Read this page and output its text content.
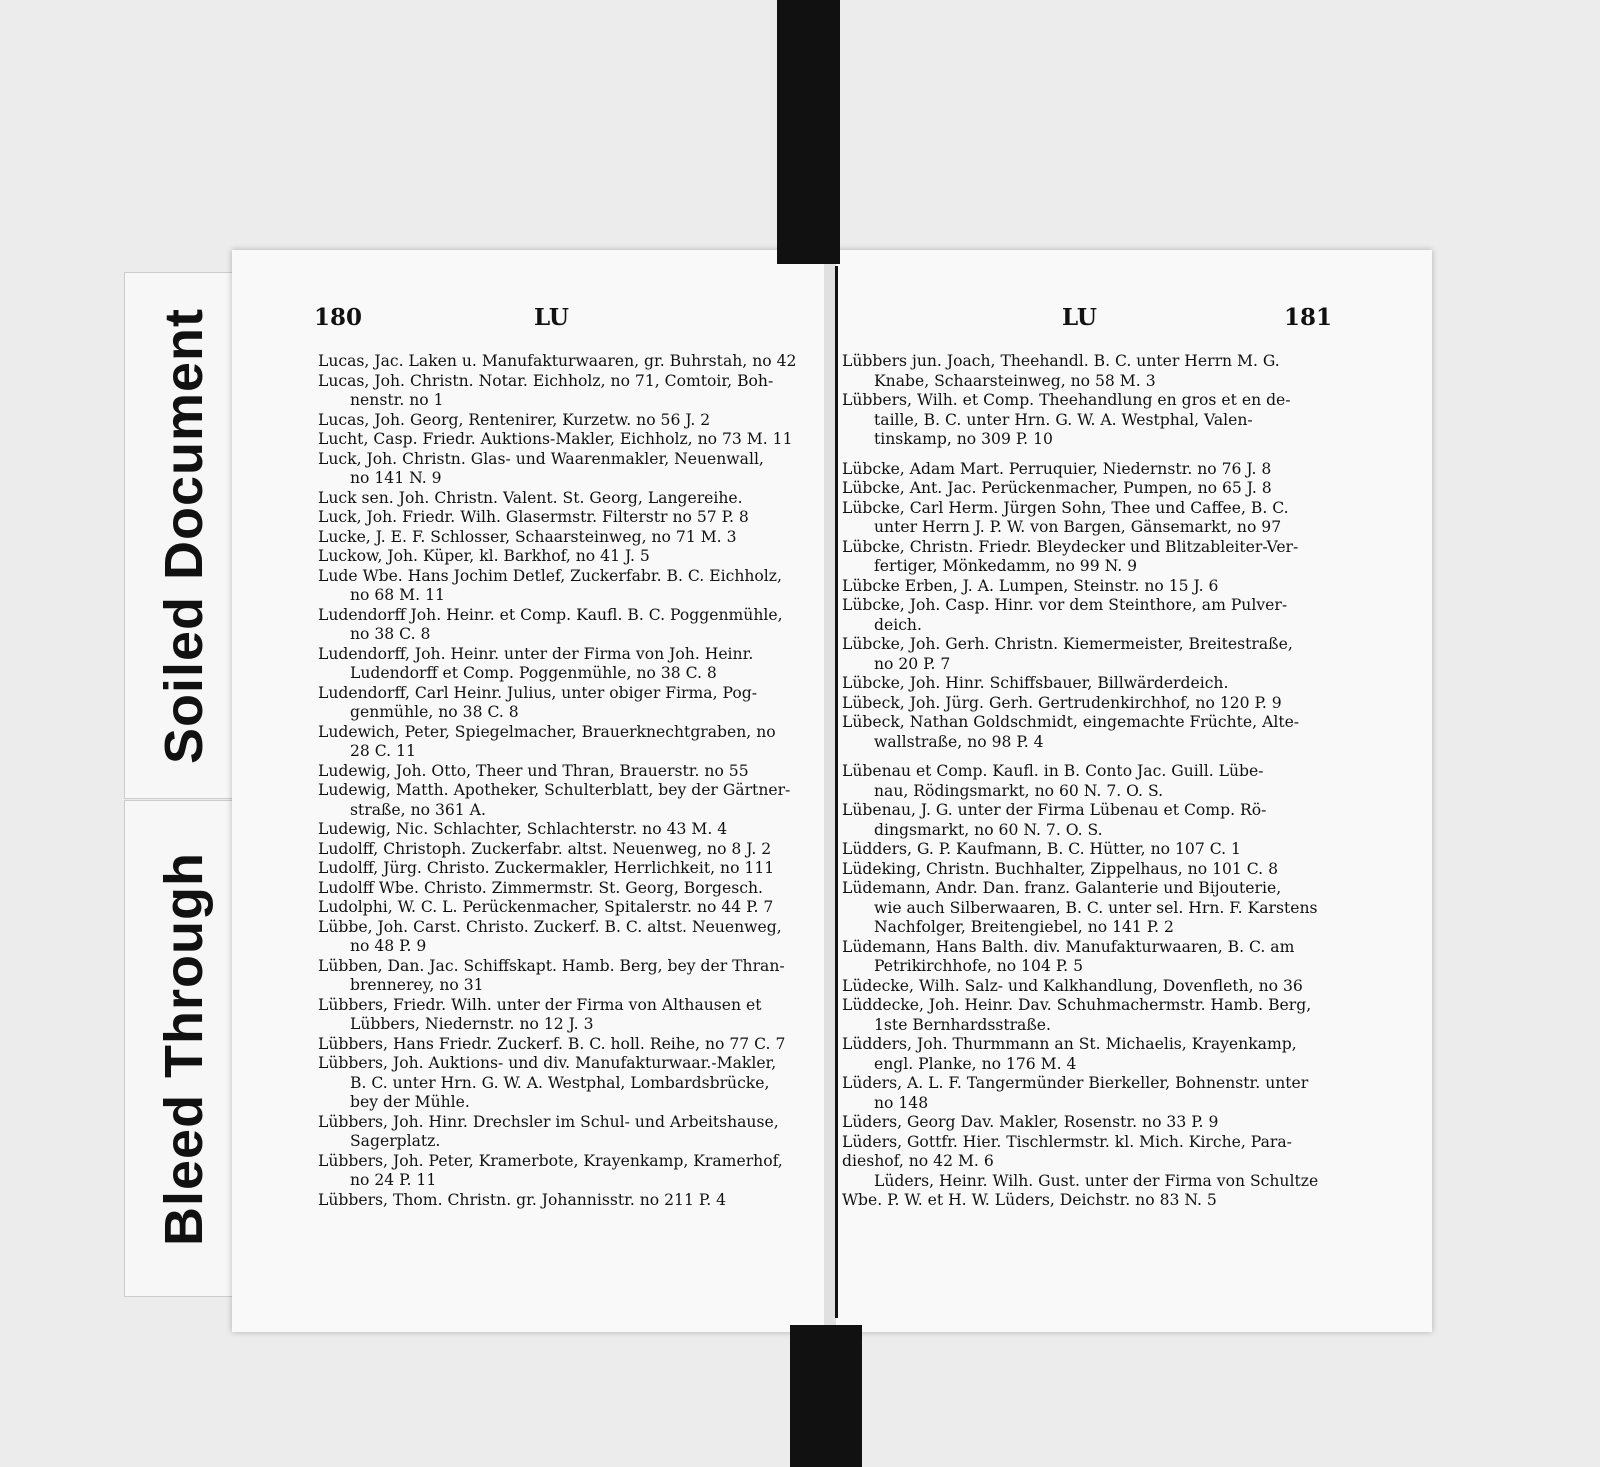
Soiled Document
Bleed Through
180	LU
Lucas, Jac. Laken u. Manufakturwaaren, gr. Buhrstah, no 42
Lucas, Joh. Christn. Notar. Eichholz, no 71, Comtoir, Boh-
nenstr. no 1
Lucas, Joh. Georg, Rentenirer, Kurzetw. no 56 J. 2
Lucht, Casp. Friedr. Auktions-Makler, Eichholz, no 73 M. 11
Luck, Joh. Christn. Glas- und Waarenmakler, Neuenwall,
no 141 N. 9
Luck sen. Joh. Christn. Valent. St. Georg, Langereihe.
Luck, Joh. Friedr. Wilh. Glasermstr. Filterstr no 57 P. 8
Lucke, J. E. F. Schlosser, Schaarsteinweg, no 71 M. 3
Luckow, Joh. Küper, kl. Barkhof, no 41 J. 5
Lude Wbe. Hans Jochim Detlef, Zuckerfabr. B. C. Eichholz,
no 68 M. 11
Ludendorff Joh. Heinr. et Comp. Kaufl. B. C. Poggenmühle,
no 38 C. 8
Ludendorff, Joh. Heinr. unter der Firma von Joh. Heinr.
Ludendorff et Comp. Poggenmühle, no 38 C. 8
Ludendorff, Carl Heinr. Julius, unter obiger Firma, Pog-
genmühle, no 38 C. 8
Ludewich, Peter, Spiegelmacher, Brauerknechtgraben, no
28 C. 11
Ludewig, Joh. Otto, Theer und Thran, Brauerstr. no 55
Ludewig, Matth. Apotheker, Schulterblatt, bey der Gärtner-
straße, no 361 A.
Ludewig, Nic. Schlachter, Schlachterstr. no 43 M. 4
Ludolff, Christoph. Zuckerfabr. altst. Neuenweg, no 8 J. 2
Ludolff, Jürg. Christo. Zuckermakler, Herrlichkeit, no 111
Ludolff Wbe. Christo. Zimmermstr. St. Georg, Borgesch.
Ludolphi, W. C. L. Perückenmacher, Spitalerstr. no 44 P. 7
Lübbe, Joh. Carst. Christo. Zuckerf. B. C. altst. Neuenweg,
no 48 P. 9
Lübben, Dan. Jac. Schiffskapt. Hamb. Berg, bey der Thran-
brennerey, no 31
Lübbers, Friedr. Wilh. unter der Firma von Althausen et
Lübbers, Niedernstr. no 12 J. 3
Lübbers, Hans Friedr. Zuckerf. B. C. holl. Reihe, no 77 C. 7
Lübbers, Joh. Auktions- und div. Manufakturwaar.-Makler,
B. C. unter Hrn. G. W. A. Westphal, Lombardsbrücke,
bey der Mühle.
Lübbers, Joh. Hinr. Drechsler im Schul- und Arbeitshause,
Sagerplatz.
Lübbers, Joh. Peter, Kramerbote, Krayenkamp, Kramerhof,
no 24 P. 11
Lübbers, Thom. Christn. gr. Johannisstr. no 211 P. 4
LU	181
Lübbers jun. Joach, Theehandl. B. C. unter Herrn M. G.
Knabe, Schaarsteinweg, no 58 M. 3
Lübbers, Wilh. et Comp. Theehandlung en gros et en de-
taille, B. C. unter Hrn. G. W. A. Westphal, Valen-
tinskamp, no 309 P. 10
Lübcke, Adam Mart. Perruquier, Niedernstr. no 76 J. 8
Lübcke, Ant. Jac. Perückenmacher, Pumpen, no 65 J. 8
Lübcke, Carl Herm. Jürgen Sohn, Thee und Caffee, B. C.
unter Herrn J. P. W. von Bargen, Gänsemarkt, no 97
Lübcke, Christn. Friedr. Bleydecker und Blitzableiter-Ver-
fertiger, Mönkedamm, no 99 N. 9
Lübcke Erben, J. A. Lumpen, Steinstr. no 15 J. 6
Lübcke, Joh. Casp. Hinr. vor dem Steinthore, am Pulver-
deich.
Lübcke, Joh. Gerh. Christn. Kiemermeister, Breitestraße,
no 20 P. 7
Lübcke, Joh. Hinr. Schiffsbauer, Billwärderdeich.
Lübeck, Joh. Jürg. Gerh. Gertrudenkirchhof, no 120 P. 9
Lübeck, Nathan Goldschmidt, eingemachte Früchte, Alte-
wallstraße, no 98 P. 4
Lübenau et Comp. Kaufl. in B. Conto Jac. Guill. Lübe-
nau, Rödingsmarkt, no 60 N. 7. O. S.
Lübenau, J. G. unter der Firma Lübenau et Comp. Rö-
dingsmarkt, no 60 N. 7. O. S.
Lüdders, G. P. Kaufmann, B. C. Hütter, no 107 C. 1
Lüdeking, Christn. Buchhalter, Zippelhaus, no 101 C. 8
Lüdemann, Andr. Dan. franz. Galanterie und Bijouterie,
wie auch Silberwaaren, B. C. unter sel. Hrn. F. Karstens
Nachfolger, Breitengiebel, no 141 P. 2
Lüdemann, Hans Balth. div. Manufakturwaaren, B. C. am
Petrikirchhofe, no 104 P. 5
Lüdecke, Wilh. Salz- und Kalkhandlung, Dovenfleth, no 36
Lüddecke, Joh. Heinr. Dav. Schuhmachermstr. Hamb. Berg,
1ste Bernhardsstraße.
Lüdders, Joh. Thurmmann an St. Michaelis, Krayenkamp,
engl. Planke, no 176 M. 4
Lüders, A. L. F. Tangermünder Bierkeller, Bohnenstr. unter
no 148
Lüders, Georg Dav. Makler, Rosenstr. no 33 P. 9
Lüders, Gottfr. Hier. Tischlermstr. kl. Mich. Kirche, Para-
dieshof, no 42 M. 6
Lüders, Heinr. Wilh. Gust. unter der Firma von Schultze
Wbe. P. W. et H. W. Lüders, Deichstr. no 83 N. 5
